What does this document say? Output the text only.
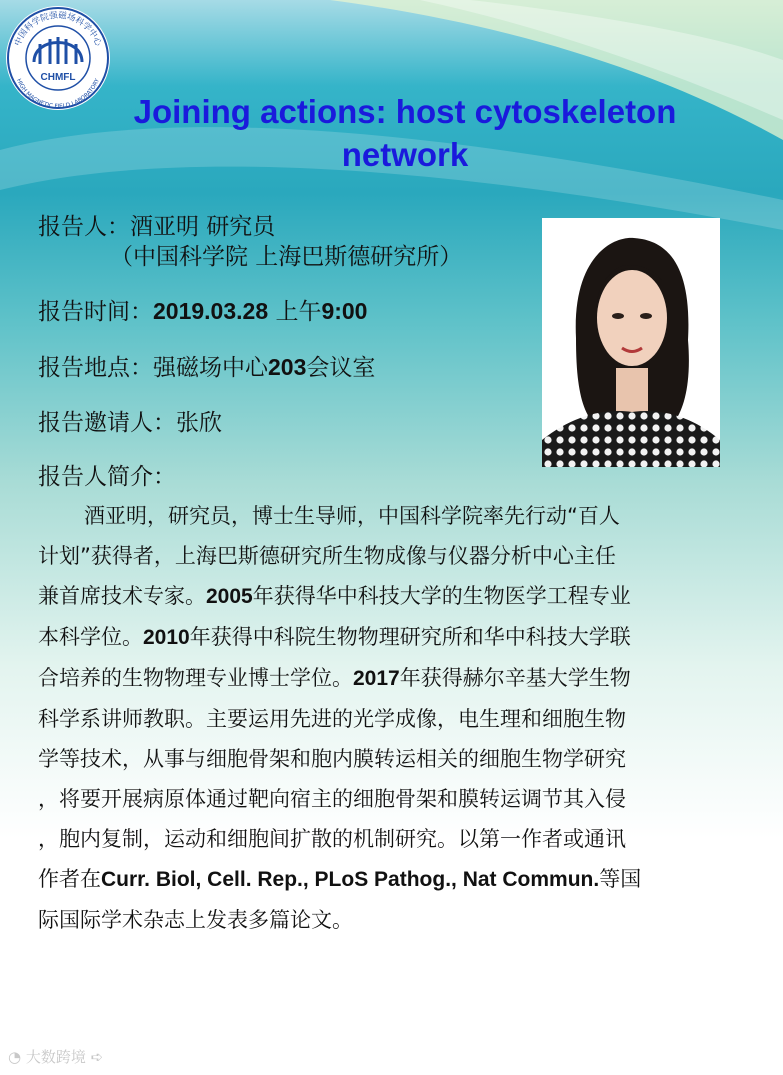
中国科学院强磁场科学中心
HIGH MAGNETIC FIELD LABORATORY
CHMFL
Joining actions: host cytoskeleton
network
报告人：酒亚明 研究员
（中国科学院 上海巴斯德研究所）
报告时间：2019.03.28 上午9:00
报告地点：强磁场中心203会议室
报告邀请人：张欣
报告人简介：
酒亚明，研究员，博士生导师，中国科学院率先行动“百人
计划”获得者，上海巴斯德研究所生物成像与仪器分析中心主任
兼首席技术专家。2005年获得华中科技大学的生物医学工程专业
本科学位。2010年获得中科院生物物理研究所和华中科技大学联
合培养的生物物理专业博士学位。2017年获得赫尔辛基大学生物
科学系讲师教职。主要运用先进的光学成像，电生理和细胞生物
学等技术，从事与细胞骨架和胞内膜转运相关的细胞生物学研究
，将要开展病原体通过靶向宿主的细胞骨架和膜转运调节其入侵
，胞内复制，运动和细胞间扩散的机制研究。以第一作者或通讯
作者在Curr. Biol, Cell. Rep., PLoS Pathog., Nat Commun.等国
际国际学术杂志上发表多篇论文。
◔ 大数跨境 ➪
